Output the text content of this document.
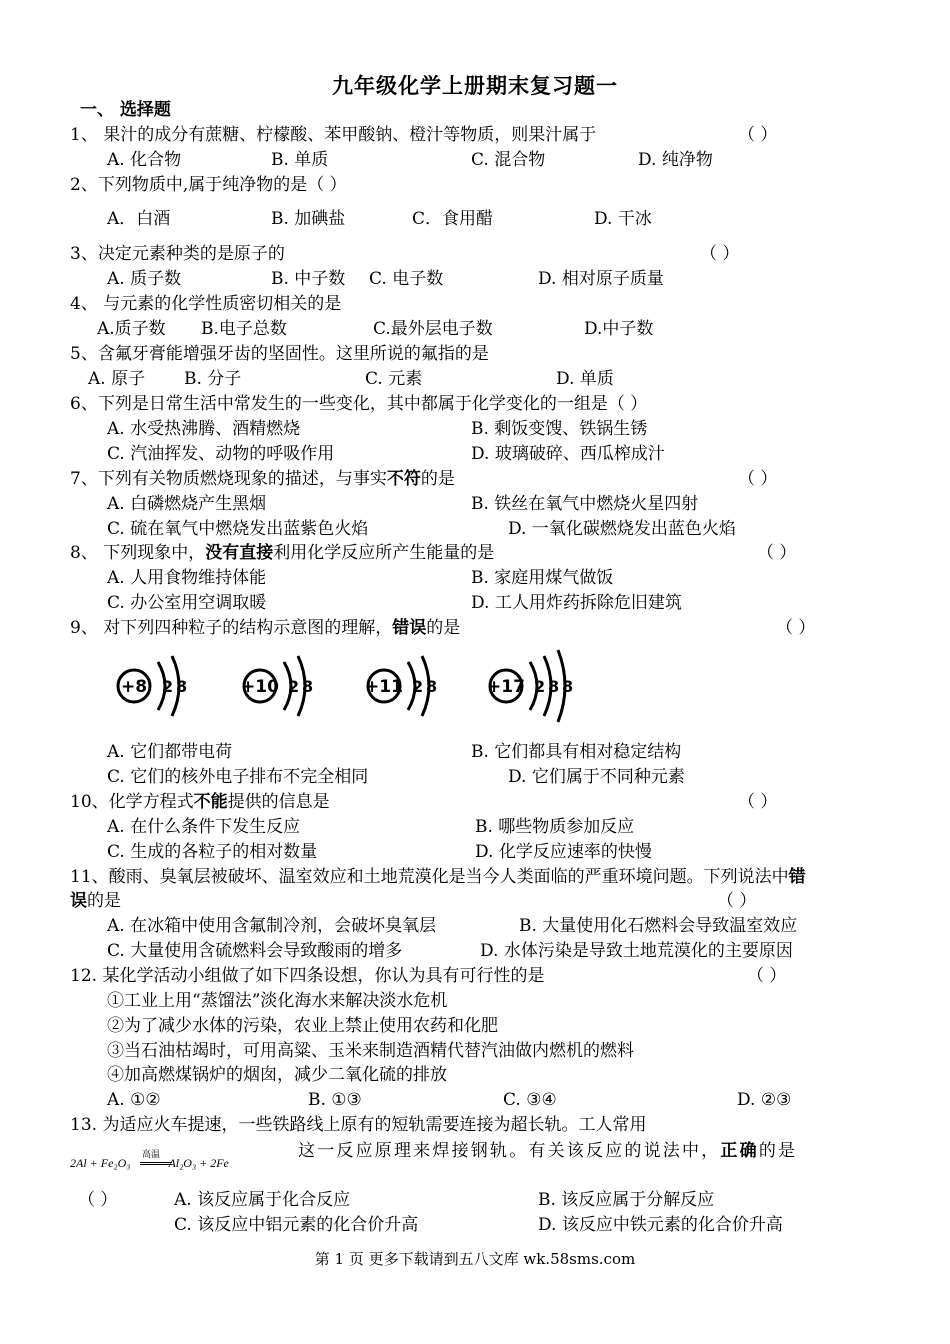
九年级化学上册期末复习题一
一、 选择题
1、 果汁的成分有蔗糖、柠檬酸、苯甲酸钠、橙汁等物质，则果汁属于	（ ）
A. 化合物	B. 单质	C. 混合物	D. 纯净物
2、下列物质中,属于纯净物的是（ ）
A．白酒	B. 加碘盐	C．食用醋	D. 干冰
3、决定元素种类的是原子的	（ ）
A. 质子数	B. 中子数 C. 电子数	D. 相对原子质量
4、 与元素的化学性质密切相关的是
A.质子数 B.电子总数	C.最外层电子数	D.中子数
5、含氟牙膏能增强牙齿的坚固性。这里所说的氟指的是
A. 原子 B. 分子	C. 元素	D. 单质
6、下列是日常生活中常发生的一些变化，其中都属于化学变化的一组是（ ）
A. 水受热沸腾、酒精燃烧	B. 剩饭变馊、铁锅生锈
C. 汽油挥发、动物的呼吸作用	D. 玻璃破碎、西瓜榨成汁
7、下列有关物质燃烧现象的描述，与事实不符的是	（ ）
A. 白磷燃烧产生黑烟	B. 铁丝在氧气中燃烧火星四射
C. 硫在氧气中燃烧发出蓝紫色火焰	D. 一氧化碳燃烧发出蓝色火焰
8、 下列现象中，没有直接利用化学反应所产生能量的是	（ ）
A. 人用食物维持体能	B. 家庭用煤气做饭
C. 办公室用空调取暖	D. 工人用炸药拆除危旧建筑
9、 对下列四种粒子的结构示意图的理解，错误的是	（ ）
+8 2 8	+10 2 8	+11 2 8	+17 2 8 8
A. 它们都带电荷	B. 它们都具有相对稳定结构
C. 它们的核外电子排布不完全相同	D. 它们属于不同种元素
10、化学方程式不能提供的信息是	（ ）
A. 在什么条件下发生反应	B. 哪些物质参加反应
C. 生成的各粒子的相对数量	D. 化学反应速率的快慢
11、酸雨、臭氧层被破坏、温室效应和土地荒漠化是当今人类面临的严重环境问题。下列说法中错
误的是	（ ）
A. 在冰箱中使用含氟制冷剂，会破坏臭氧层	B. 大量使用化石燃料会导致温室效应
C. 大量使用含硫燃料会导致酸雨的增多	D. 水体污染是导致土地荒漠化的主要原因
12. 某化学活动小组做了如下四条设想，你认为具有可行性的是	（ ）
①工业上用“蒸馏法”淡化海水来解决淡水危机
②为了减少水体的污染，农业上禁止使用农药和化肥
③当石油枯竭时，可用高粱、玉米来制造酒精代替汽油做内燃机的燃料
④加高燃煤锅炉的烟囱，减少二氧化硫的排放
A. ①②	B. ①③	C. ③④	D. ②③
13. 为适应火车提速，一些铁路线上原有的短轨需要连接为超长轨。工人常用
这一反应原理来焊接钢轨。有关该反应的说法中，正确的是
2Al + Fe₂O₃	Al₂O₃ + 2Fe
高温
（ ）	A. 该反应属于化合反应	B. 该反应属于分解反应
C. 该反应中铝元素的化合价升高	D. 该反应中铁元素的化合价升高
第 1 页 更多下载请到五八文库 wk.58sms.com
